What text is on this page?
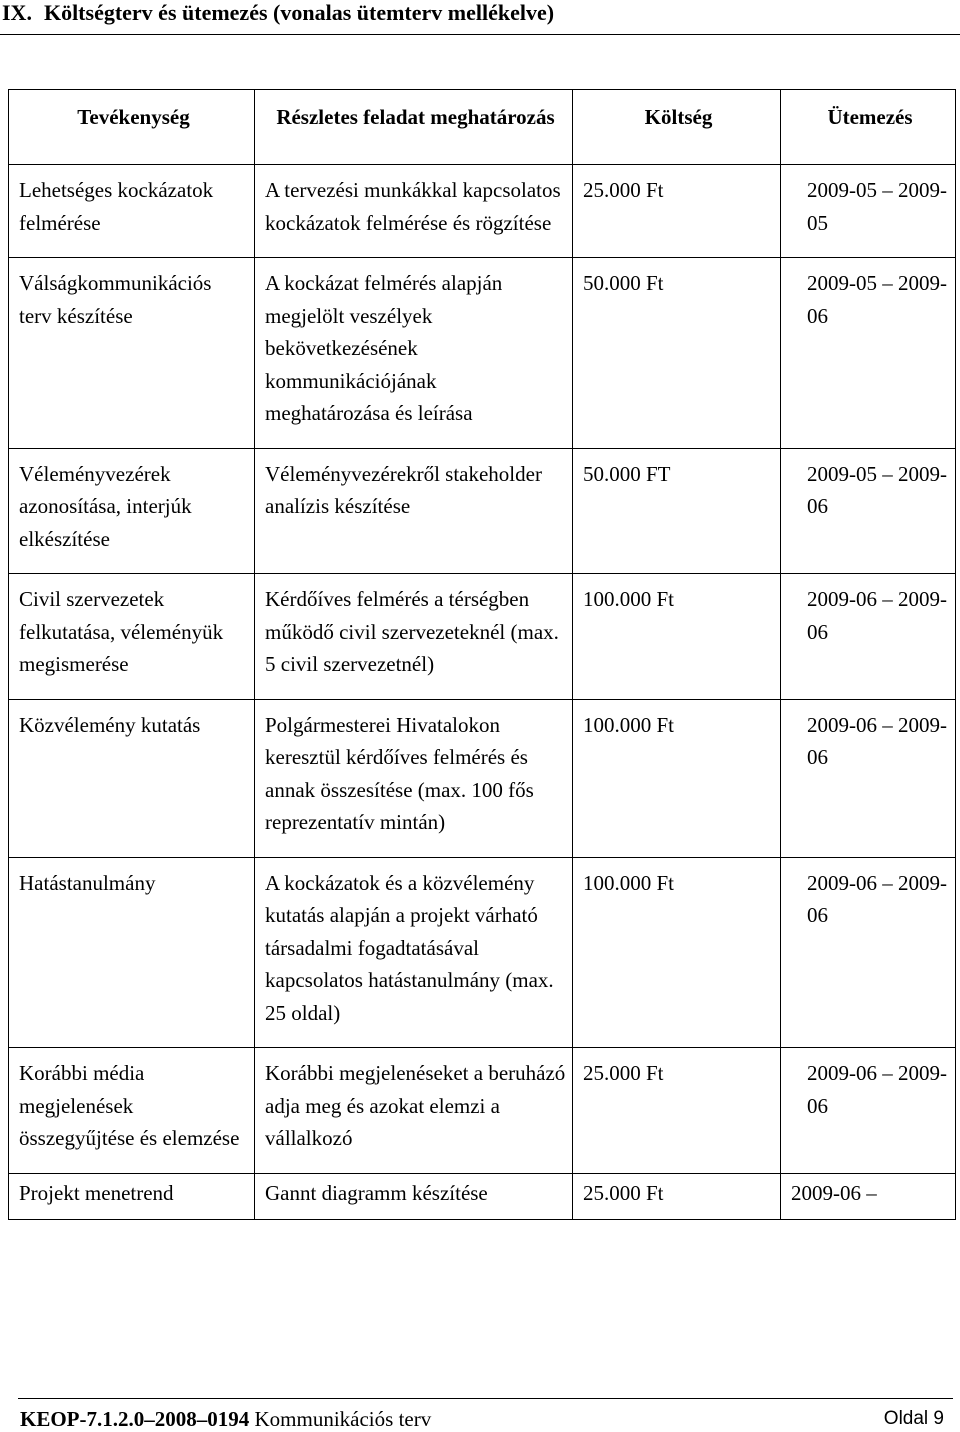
IX. Költségterv és ütemezés (vonalas ütemterv mellékelve)
Tevékenység	Részletes feladat meghatározás	Költség	Ütemezés
Lehetséges kockázatok felmérése	A tervezési munkákkal kapcsolatos kockázatok felmérése és rögzítése	25.000 Ft	2009-05 – 2009-05
Válságkommunikációs terv készítése	A kockázat felmérés alapján megjelölt veszélyek bekövetkezésének kommunikációjának meghatározása és leírása	50.000 Ft	2009-05 – 2009-06
Véleményvezérek azonosítása, interjúk elkészítése	Véleményvezérekről stakeholder analízis készítése	50.000 FT	2009-05 – 2009-06
Civil szervezetek felkutatása, véleményük megismerése	Kérdőíves felmérés a térségben működő civil szervezeteknél (max. 5 civil szervezetnél)	100.000 Ft	2009-06 – 2009-06
Közvélemény kutatás	Polgármesterei Hivatalokon keresztül kérdőíves felmérés és annak összesítése (max. 100 fős reprezentatív mintán)	100.000 Ft	2009-06 – 2009-06
Hatástanulmány	A kockázatok és a közvélemény kutatás alapján a projekt várható társadalmi fogadtatásával kapcsolatos hatástanulmány (max. 25 oldal)	100.000 Ft	2009-06 – 2009-06
Korábbi média megjelenések összegyűjtése és elemzése	Korábbi megjelenéseket a beruházó adja meg és azokat elemzi a vállalkozó	25.000 Ft	2009-06 – 2009-06
Projekt menetrend	Gannt diagramm készítése	25.000 Ft	2009-06 –
KEOP-7.1.2.0–2008–0194 Kommunikációs terv	Oldal 9
